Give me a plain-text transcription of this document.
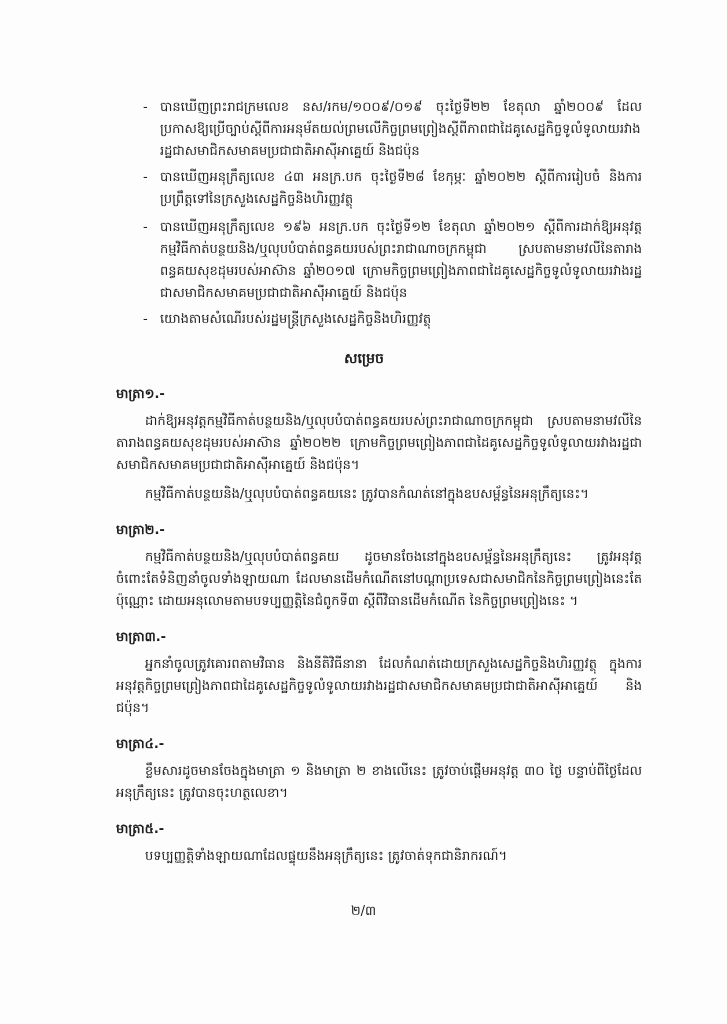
- បានឃើញព្រះរាជក្រមលេខ នស/រកម/១០០៩/០១៩ ចុះថ្ងៃទី២២ ខែតុលា ឆ្នាំ២០០៩ ដែលប្រកាសឱ្យប្រើច្បាប់ស្តីពីការអនុម័តយល់ព្រមលើកិច្ចព្រមព្រៀងស្តីពីភាពជាដៃគូសេដ្ឋកិច្ចទូលំទូលាយរវាងរដ្ឋជាសមាជិកសមាគមប្រជាជាតិអាស៊ីអាគ្នេយ៍ និងជប៉ុន
- បានឃើញអនុក្រឹត្យលេខ ៤៣ អនក្រ.បក ចុះថ្ងៃទី២៨ ខែកុម្ភៈ ឆ្នាំ២០២២ ស្តីពីការរៀបចំ និងការប្រព្រឹត្តទៅនៃក្រសួងសេដ្ឋកិច្ចនិងហិរញ្ញវត្ថុ
- បានឃើញអនុក្រឹត្យលេខ ១៩៦ អនក្រ.បក ចុះថ្ងៃទី១២ ខែតុលា ឆ្នាំ២០២១ ស្តីពីការដាក់ឱ្យអនុវត្តកម្មវិធីកាត់បន្ថយនិង/ឬលុបបំបាត់ពន្ធគយរបស់ព្រះរាជាណាចក្រកម្ពុជា ស្របតាមនាមវលីនៃតារាងពន្ធគយសុខដុមរបស់អាស៊ាន ឆ្នាំ២០១៧ ក្រោមកិច្ចព្រមព្រៀងភាពជាដៃគូសេដ្ឋកិច្ចទូលំទូលាយរវាងរដ្ឋជាសមាជិកសមាគមប្រជាជាតិអាស៊ីអាគ្នេយ៍ និងជប៉ុន
- យោងតាមសំណើរបស់រដ្ឋមន្ត្រីក្រសួងសេដ្ឋកិច្ចនិងហិរញ្ញវត្ថុ
សម្រេច
មាត្រា១.-

ដាក់ឱ្យអនុវត្តកម្មវិធីកាត់បន្ថយនិង/ឬលុបបំបាត់ពន្ធគយរបស់ព្រះរាជាណាចក្រកម្ពុជា ស្របតាមនាមវលីនៃតារាងពន្ធគយសុខដុមរបស់អាស៊ាន ឆ្នាំ២០២២ ក្រោមកិច្ចព្រមព្រៀងភាពជាដៃគូសេដ្ឋកិច្ចទូលំទូលាយរវាងរដ្ឋជាសមាជិកសមាគមប្រជាជាតិអាស៊ីអាគ្នេយ៍ និងជប៉ុន។

កម្មវិធីកាត់បន្ថយនិង/ឬលុបបំបាត់ពន្ធគយនេះ ត្រូវបានកំណត់នៅក្នុងឧបសម្ព័ន្ធនៃអនុក្រឹត្យនេះ។

មាត្រា២.-

កម្មវិធីកាត់បន្ថយនិង/ឬលុបបំបាត់ពន្ធគយ ដូចមានចែងនៅក្នុងឧបសម្ព័ន្ធនៃអនុក្រឹត្យនេះ ត្រូវអនុវត្តចំពោះតែទំនិញនាំចូលទាំងឡាយណា ដែលមានដើមកំណើតនៅបណ្តាប្រទេសជាសមាជិកនៃកិច្ចព្រមព្រៀងនេះតែប៉ុណ្ណោះ ដោយអនុលោមតាមបទប្បញ្ញត្តិនៃជំពូកទី៣ ស្តីពីវិធានដើមកំណើត នៃកិច្ចព្រមព្រៀងនេះ ។

មាត្រា៣.-

អ្នកនាំចូលត្រូវគោរពតាមវិធាន និងនីតិវិធីនានា ដែលកំណត់ដោយក្រសួងសេដ្ឋកិច្ចនិងហិរញ្ញវត្ថុ ក្នុងការអនុវត្តកិច្ចព្រមព្រៀងភាពជាដៃគូសេដ្ឋកិច្ចទូលំទូលាយរវាងរដ្ឋជាសមាជិកសមាគមប្រជាជាតិអាស៊ីអាគ្នេយ៍ និងជប៉ុន។

មាត្រា៤.-

ខ្លឹមសារដូចមានចែងក្នុងមាត្រា ១ និងមាត្រា ២ ខាងលើនេះ ត្រូវចាប់ផ្តើមអនុវត្ត ៣០ ថ្ងៃ បន្ទាប់ពីថ្ងៃដែលអនុក្រឹត្យនេះ ត្រូវបានចុះហត្ថលេខា។

មាត្រា៥.-

បទប្បញ្ញត្តិទាំងឡាយណាដែលផ្ទុយនឹងអនុក្រឹត្យនេះ ត្រូវចាត់ទុកជានិរាករណ៍។

២/៣
